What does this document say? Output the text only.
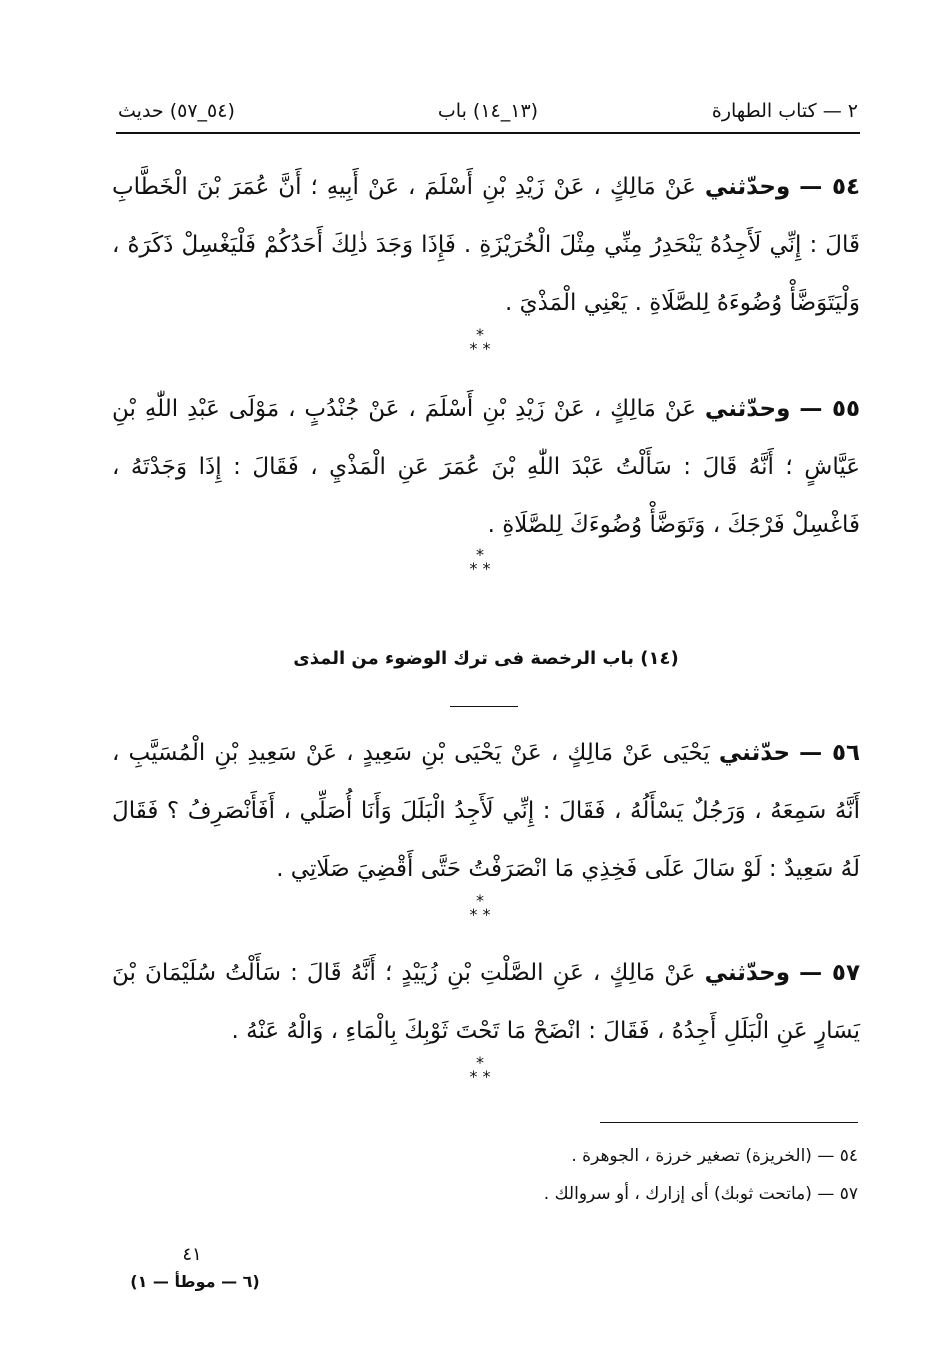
٢ — كتاب الطهارة
(١٣_١٤) باب
(٥٤_٥٧) حديث
٥٤ — وحدّثني عَنْ مَالِكٍ ، عَنْ زَيْدِ بْنِ أَسْلَمَ ، عَنْ أَبِيهِ ؛ أَنَّ عُمَرَ بْنَ الْخَطَّابِ قَالَ : إِنِّي لَأَجِدُهُ يَنْحَدِرُ مِنِّي مِثْلَ الْخُرَيْزَةِ . فَإِذَا وَجَدَ ذٰلِكَ أَحَدُكُمْ فَلْيَغْسِلْ ذَكَرَهُ ، وَلْيَتَوَضَّأْ وُضُوءَهُ لِلصَّلَاةِ . يَعْنِي الْمَذْيَ .
*
* *
٥٥ — وحدّثني عَنْ مَالِكٍ ، عَنْ زَيْدِ بْنِ أَسْلَمَ ، عَنْ جُنْدُبٍ ، مَوْلَى عَبْدِ اللّٰهِ بْنِ عَيَّاشٍ ؛ أَنَّهُ قَالَ : سَأَلْتُ عَبْدَ اللّٰهِ بْنَ عُمَرَ عَنِ الْمَذْيِ ، فَقَالَ : إِذَا وَجَدْتَهُ ، فَاغْسِلْ فَرْجَكَ ، وَتَوَضَّأْ وُضُوءَكَ لِلصَّلَاةِ .
*
* *
(١٤) باب الرخصة فى ترك الوضوء من المذى
٥٦ — حدّثني يَحْيَى عَنْ مَالِكٍ ، عَنْ يَحْيَى بْنِ سَعِيدٍ ، عَنْ سَعِيدِ بْنِ الْمُسَيَّبِ ، أَنَّهُ سَمِعَهُ ، وَرَجُلٌ يَسْأَلُهُ ، فَقَالَ : إِنِّي لَأَجِدُ الْبَلَلَ وَأَنَا أُصَلِّي ، أَفَأَنْصَرِفُ ؟ فَقَالَ لَهُ سَعِيدٌ : لَوْ سَالَ عَلَى فَخِذِي مَا انْصَرَفْتُ حَتَّى أَقْضِيَ صَلَاتِي .
*
* *
٥٧ — وحدّثني عَنْ مَالِكٍ ، عَنِ الصَّلْتِ بْنِ زُيَيْدٍ ؛ أَنَّهُ قَالَ : سَأَلْتُ سُلَيْمَانَ بْنَ يَسَارٍ عَنِ الْبَلَلِ أَجِدُهُ ، فَقَالَ : انْضَحْ مَا تَحْتَ ثَوْبِكَ بِالْمَاءِ ، وَالْهُ عَنْهُ .
*
* *
٥٤ — (الخريزة) تصغير خرزة ، الجوهرة .
٥٧ — (ماتحت ثوبك) أى إزارك ، أو سروالك .
٤١
(٦ — موطأ — ١)
